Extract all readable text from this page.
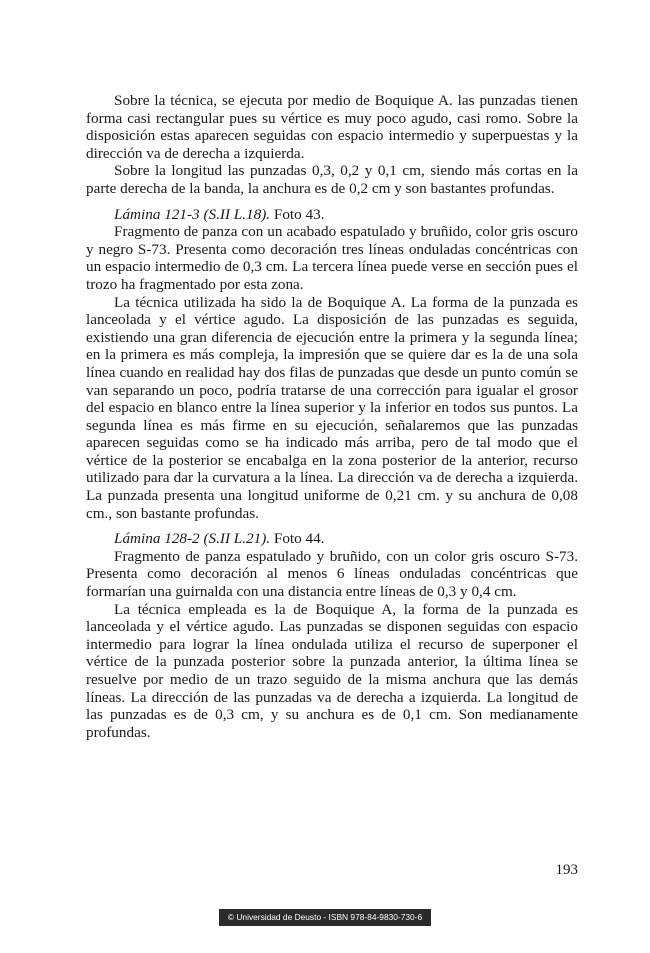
Sobre la técnica, se ejecuta por medio de Boquique A. las punzadas tienen forma casi rectangular pues su vértice es muy poco agudo, casi romo. Sobre la disposición estas aparecen seguidas con espacio intermedio y superpuestas y la dirección va de derecha a izquierda.

Sobre la longitud las punzadas 0,3, 0,2 y 0,1 cm, siendo más cortas en la parte derecha de la banda, la anchura es de 0,2 cm y son bastantes profundas.

Lámina 121-3 (S.II L.18). Foto 43.

Fragmento de panza con un acabado espatulado y bruñido, color gris oscuro y negro S-73. Presenta como decoración tres líneas onduladas concéntricas con un espacio intermedio de 0,3 cm. La tercera línea puede verse en sección pues el trozo ha fragmentado por esta zona.

La técnica utilizada ha sido la de Boquique A. La forma de la punzada es lanceolada y el vértice agudo. La disposición de las punzadas es seguida, existiendo una gran diferencia de ejecución entre la primera y la segunda línea; en la primera es más compleja, la impresión que se quiere dar es la de una sola línea cuando en realidad hay dos filas de punzadas que desde un punto común se van separando un poco, podría tratarse de una corrección para igualar el grosor del espacio en blanco entre la línea superior y la inferior en todos sus puntos. La segunda línea es más firme en su ejecución, señalaremos que las punzadas aparecen seguidas como se ha indicado más arriba, pero de tal modo que el vértice de la posterior se encabalga en la zona posterior de la anterior, recurso utilizado para dar la curvatura a la línea. La dirección va de derecha a izquierda. La punzada presenta una longitud uniforme de 0,21 cm. y su anchura de 0,08 cm., son bastante profundas.

Lámina 128-2 (S.II L.21). Foto 44.

Fragmento de panza espatulado y bruñido, con un color gris oscuro S-73. Presenta como decoración al menos 6 líneas onduladas concéntricas que formarían una guirnalda con una distancia entre líneas de 0,3 y 0,4 cm.

La técnica empleada es la de Boquique A, la forma de la punzada es lanceolada y el vértice agudo. Las punzadas se disponen seguidas con espacio intermedio para lograr la línea ondulada utiliza el recurso de superponer el vértice de la punzada posterior sobre la punzada anterior, la última línea se resuelve por medio de un trazo seguido de la misma anchura que las demás líneas. La dirección de las punzadas va de derecha a izquierda. La longitud de las punzadas es de 0,3 cm, y su anchura es de 0,1 cm. Son medianamente profundas.

193
© Universidad de Deusto - ISBN 978-84-9830-730-6
